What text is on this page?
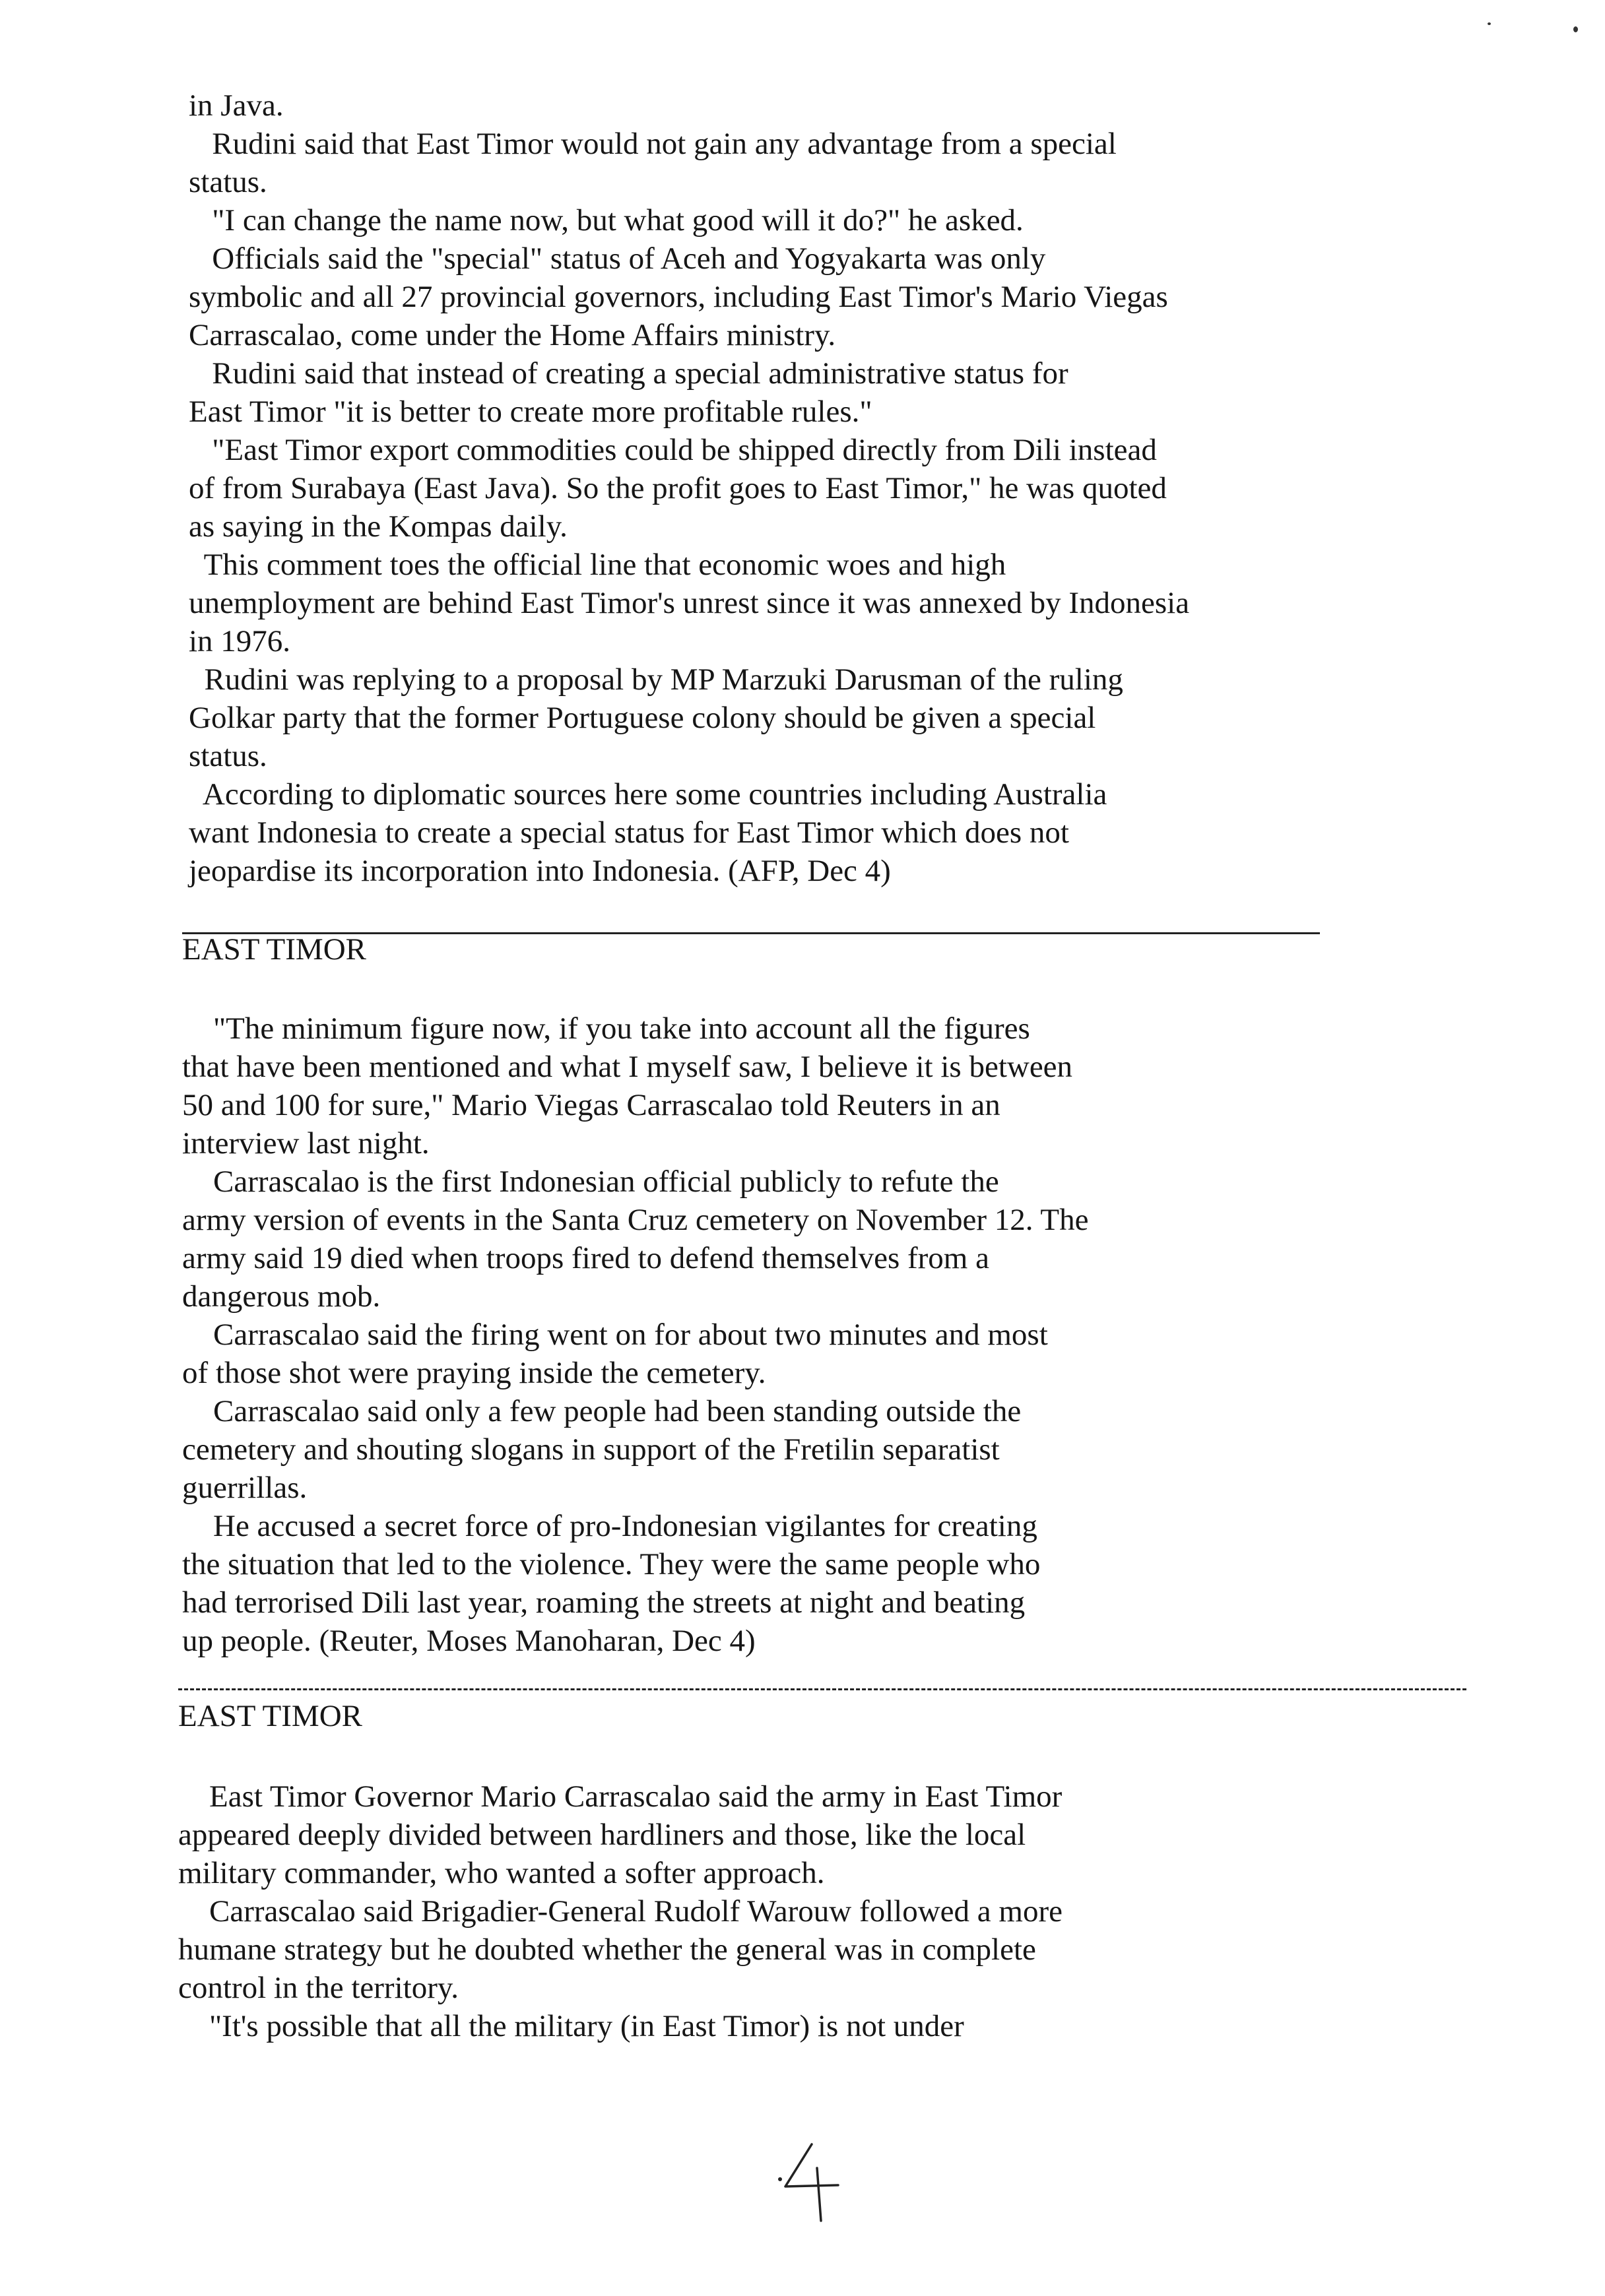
in Java.
Rudini said that East Timor would not gain any advantage from a special
status.
"I can change the name now, but what good will it do?" he asked.
Officials said the "special" status of Aceh and Yogyakarta was only
symbolic and all 27 provincial governors, including East Timor's Mario Viegas
Carrascalao, come under the Home Affairs ministry.
Rudini said that instead of creating a special administrative status for
East Timor "it is better to create more profitable rules."
"East Timor export commodities could be shipped directly from Dili instead
of from Surabaya (East Java). So the profit goes to East Timor," he was quoted
as saying in the Kompas daily.
This comment toes the official line that economic woes and high
unemployment are behind East Timor's unrest since it was annexed by Indonesia
in 1976.
Rudini was replying to a proposal by MP Marzuki Darusman of the ruling
Golkar party that the former Portuguese colony should be given a special
status.
According to diplomatic sources here some countries including Australia
want Indonesia to create a special status for East Timor which does not
jeopardise its incorporation into Indonesia. (AFP, Dec 4)
EAST TIMOR
"The minimum figure now, if you take into account all the figures
that have been mentioned and what I myself saw, I believe it is between
50 and 100 for sure," Mario Viegas Carrascalao told Reuters in an
interview last night.
Carrascalao is the first Indonesian official publicly to refute the
army version of events in the Santa Cruz cemetery on November 12. The
army said 19 died when troops fired to defend themselves from a
dangerous mob.
Carrascalao said the firing went on for about two minutes and most
of those shot were praying inside the cemetery.
Carrascalao said only a few people had been standing outside the
cemetery and shouting slogans in support of the Fretilin separatist
guerrillas.
He accused a secret force of pro-Indonesian vigilantes for creating
the situation that led to the violence. They were the same people who
had terrorised Dili last year, roaming the streets at night and beating
up people. (Reuter, Moses Manoharan, Dec 4)
EAST TIMOR
East Timor Governor Mario Carrascalao said the army in East Timor
appeared deeply divided between hardliners and those, like the local
military commander, who wanted a softer approach.
Carrascalao said Brigadier-General Rudolf Warouw followed a more
humane strategy but he doubted whether the general was in complete
control in the territory.
"It's possible that all the military (in East Timor) is not under
